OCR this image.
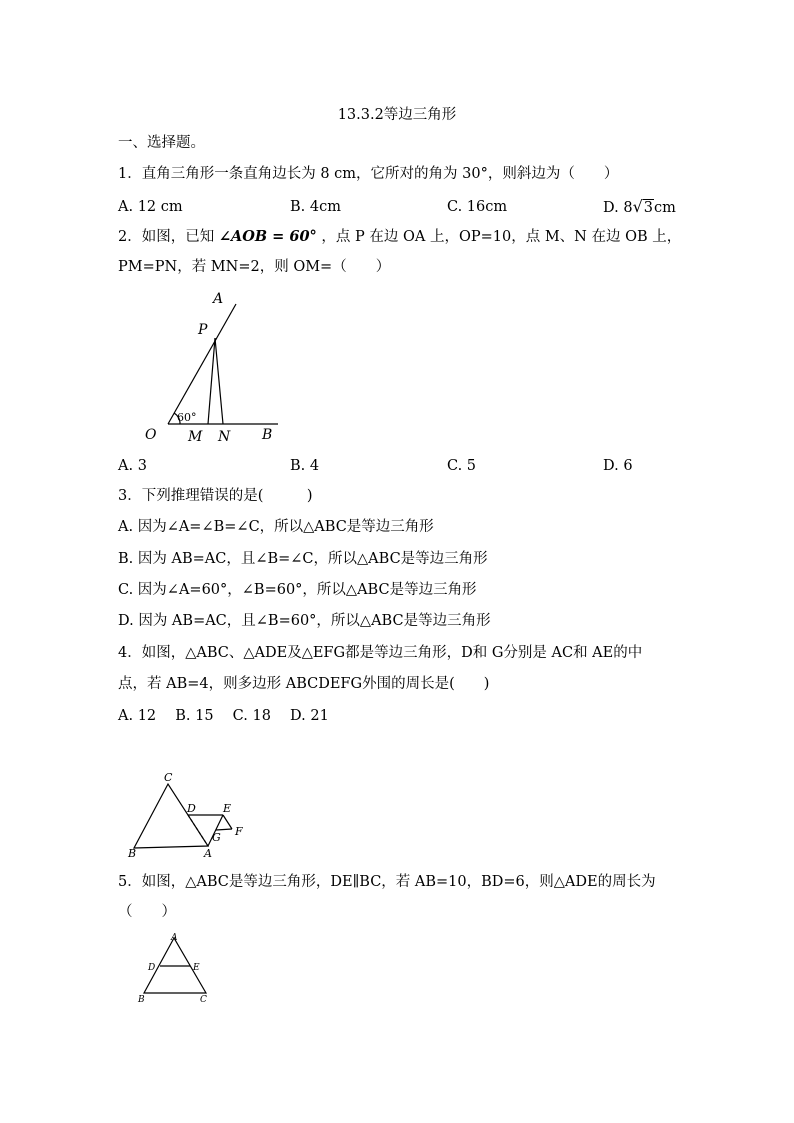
13.3.2等边三角形
一、选择题。
1．直角三角形一条直角边长为 8 cm，它所对的角为 30°，则斜边为（　　）
A. 12 cm	B. 4cm	C. 16cm	D. 8√3cm
2．如图，已知 ∠AOB = 60° ，点 P 在边 OA 上，OP=10，点 M、N 在边 OB 上，
PM=PN，若 MN=2，则 OM=（　　）
A
P
O M N B
60°
A. 3	B. 4	C. 5	D. 6
3．下列推理错误的是(　　　)
A. 因为∠A=∠B=∠C，所以△ABC是等边三角形
B. 因为 AB=AC，且∠B=∠C，所以△ABC是等边三角形
C. 因为∠A=60°，∠B=60°，所以△ABC是等边三角形
D. 因为 AB=AC，且∠B=60°，所以△ABC是等边三角形
4．如图，△ABC、△ADE及△EFG都是等边三角形，D和 G分别是 AC和 AE的中
点，若 AB=4，则多边形 ABCDEFG外围的周长是(　　)
A. 12　 B. 15　 C. 18　 D. 21
C
D E
F
G
A
B
5．如图，△ABC是等边三角形，DE∥BC，若 AB=10，BD=6，则△ADE的周长为
（　　）
A
D	E
B	C
